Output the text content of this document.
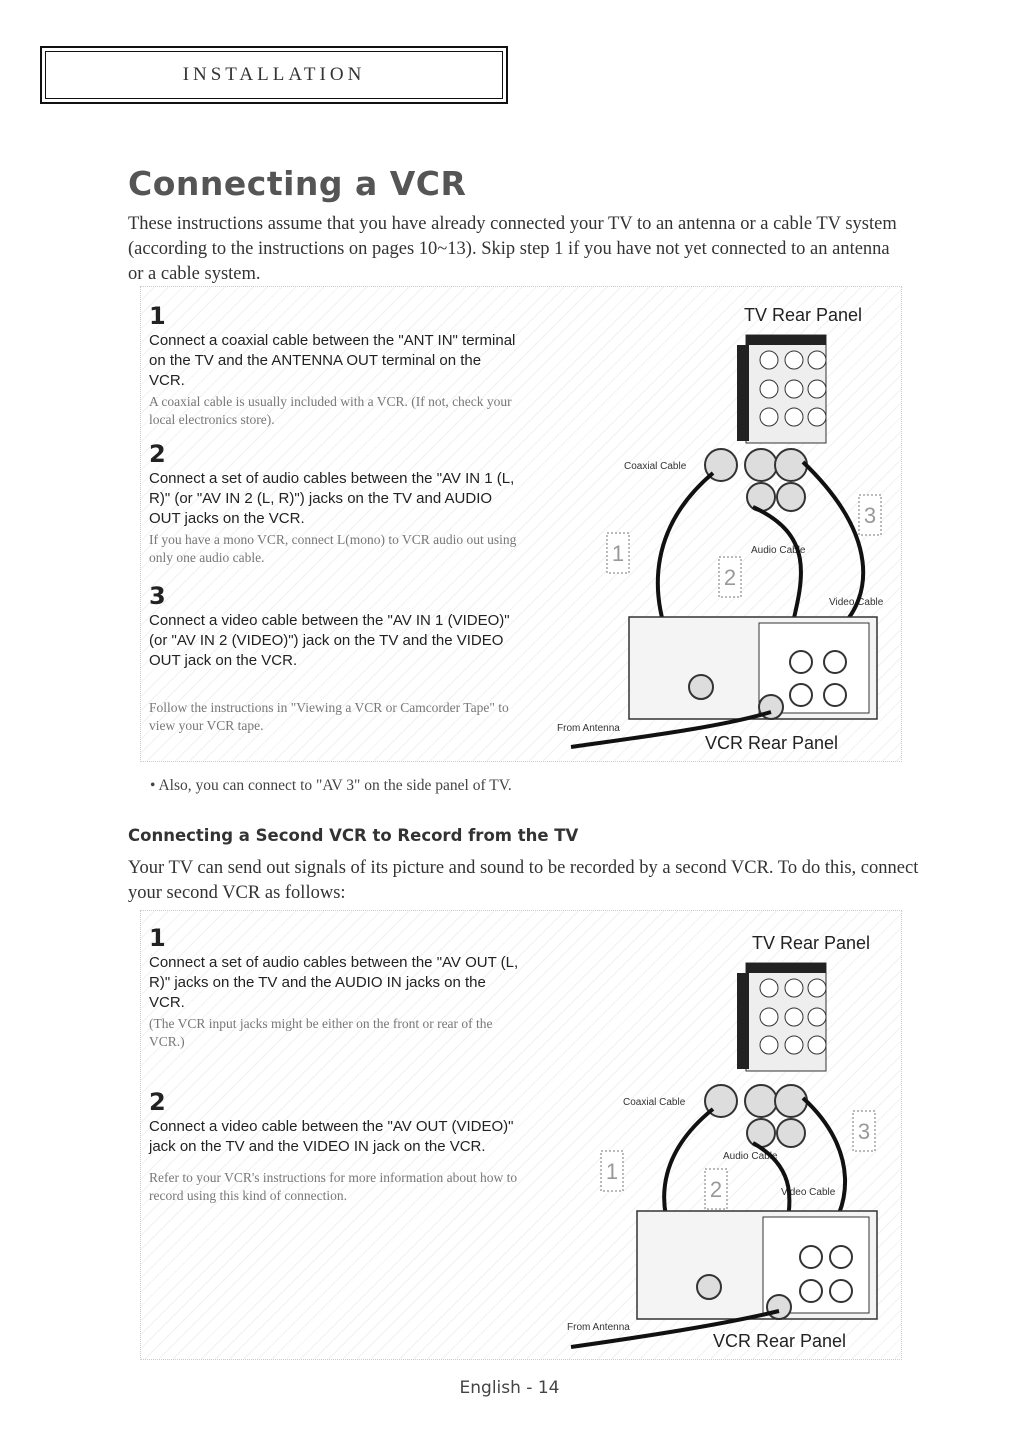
INSTALLATION
Connecting a VCR
These instructions assume that you have already connected your TV to an antenna or a cable TV system (according to the instructions on pages 10~13). Skip step 1 if you have not yet connected to an antenna or a cable system.
1
Connect a coaxial cable between the "ANT IN" terminal on the TV and the ANTENNA OUT terminal on the VCR.
A coaxial cable is usually included with a VCR. (If not, check your local electronics store).
2
Connect a set of audio cables between the "AV IN 1 (L, R)" (or "AV IN 2 (L, R)") jacks on the TV and AUDIO OUT jacks on the VCR.
If you have a mono VCR, connect L(mono) to VCR audio out using only one audio cable.
3
Connect a video cable between the "AV IN 1 (VIDEO)" (or "AV IN 2 (VIDEO)") jack on the TV and the VIDEO OUT jack on the VCR.
Follow the instructions in "Viewing a VCR or Camcorder Tape" to view your VCR tape.
TV Rear Panel
Coaxial Cable
Audio Cable
Video Cable
From Antenna
VCR Rear Panel
1
2
3
• Also, you can connect to "AV 3" on the side panel of TV.
Connecting a Second VCR to Record from the TV
Your TV can send out signals of its picture and sound to be recorded by a second VCR. To do this, connect your second VCR as follows:
1
Connect a set of audio cables between the "AV OUT (L, R)" jacks on the TV and the AUDIO IN jacks on the VCR.
(The VCR input jacks might be either on the front or rear of the VCR.)
2
Connect a video cable between the "AV OUT (VIDEO)" jack on the TV and the VIDEO IN jack on the VCR.
Refer to your VCR's instructions for more information about how to record using this kind of connection.
TV Rear Panel
Coaxial Cable
Audio Cable
Video Cable
From Antenna
VCR Rear Panel
1
2
3
English - 14
